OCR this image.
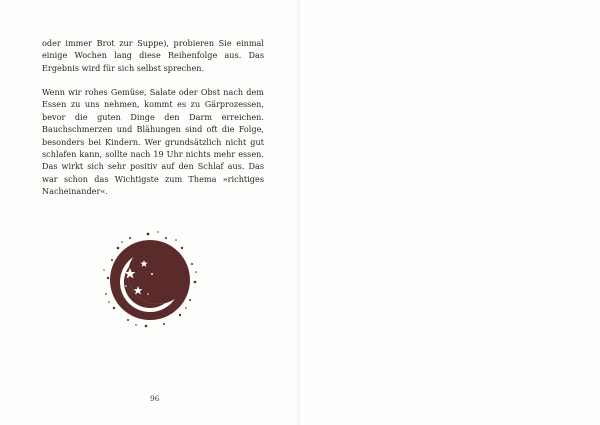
oder immer Brot zur Suppe), probieren Sie einmal einige Wochen lang diese Reihenfolge aus. Das Ergebnis wird für sich selbst sprechen.

Wenn wir rohes Gemüse, Salate oder Obst nach dem Essen zu uns nehmen, kommt es zu Gärprozessen, bevor die guten Dinge den Darm erreichen. Bauchschmerzen und Blähungen sind oft die Folge, besonders bei Kindern. Wer grundsätzlich nicht gut schlafen kann, sollte nach 19 Uhr nichts mehr essen. Das wirkt sich sehr positiv auf den Schlaf aus. Das war schon das Wichtigste zum Thema »richtiges Nacheinander«.

96
